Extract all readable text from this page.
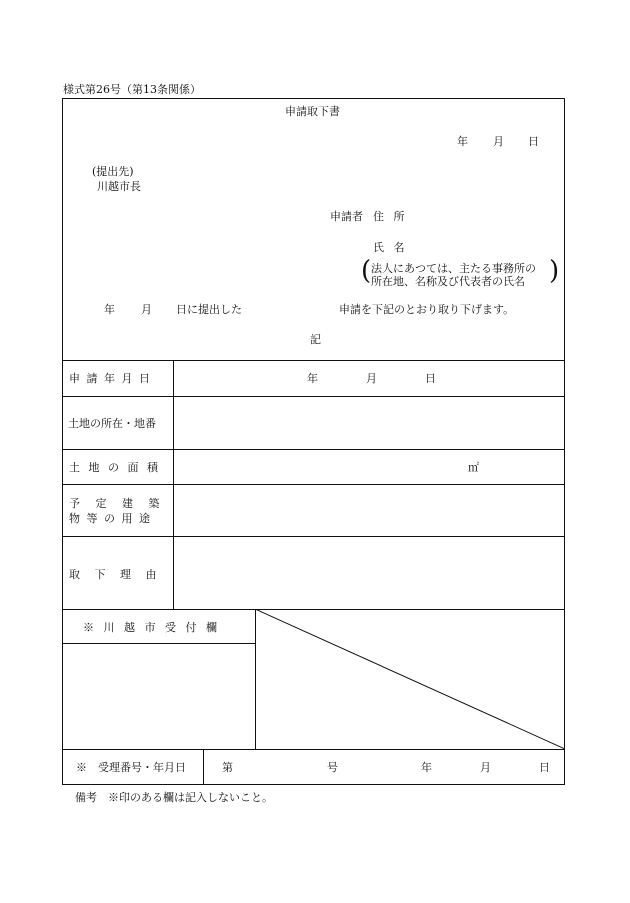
様式第26号（第13条関係）
申請取下書
年 月 日
(提出先)
川越市長
申請者 住 所
氏 名
( 法人にあつては、主たる事務所の
所在地、名称及び代表者の氏名 )
年 月 日に提出した	申請を下記のとおり取り下げます。
記
申 請 年 月 日	年	月	日
土地の所在・地番
土 地 の 面 積	㎡
予 定 建 築
物 等 の 用 途
取 下 理 由
※ 川 越 市 受 付 欄
※　受理番号・年月日	第	号	年	月	日
備考　※印のある欄は記入しないこと。
